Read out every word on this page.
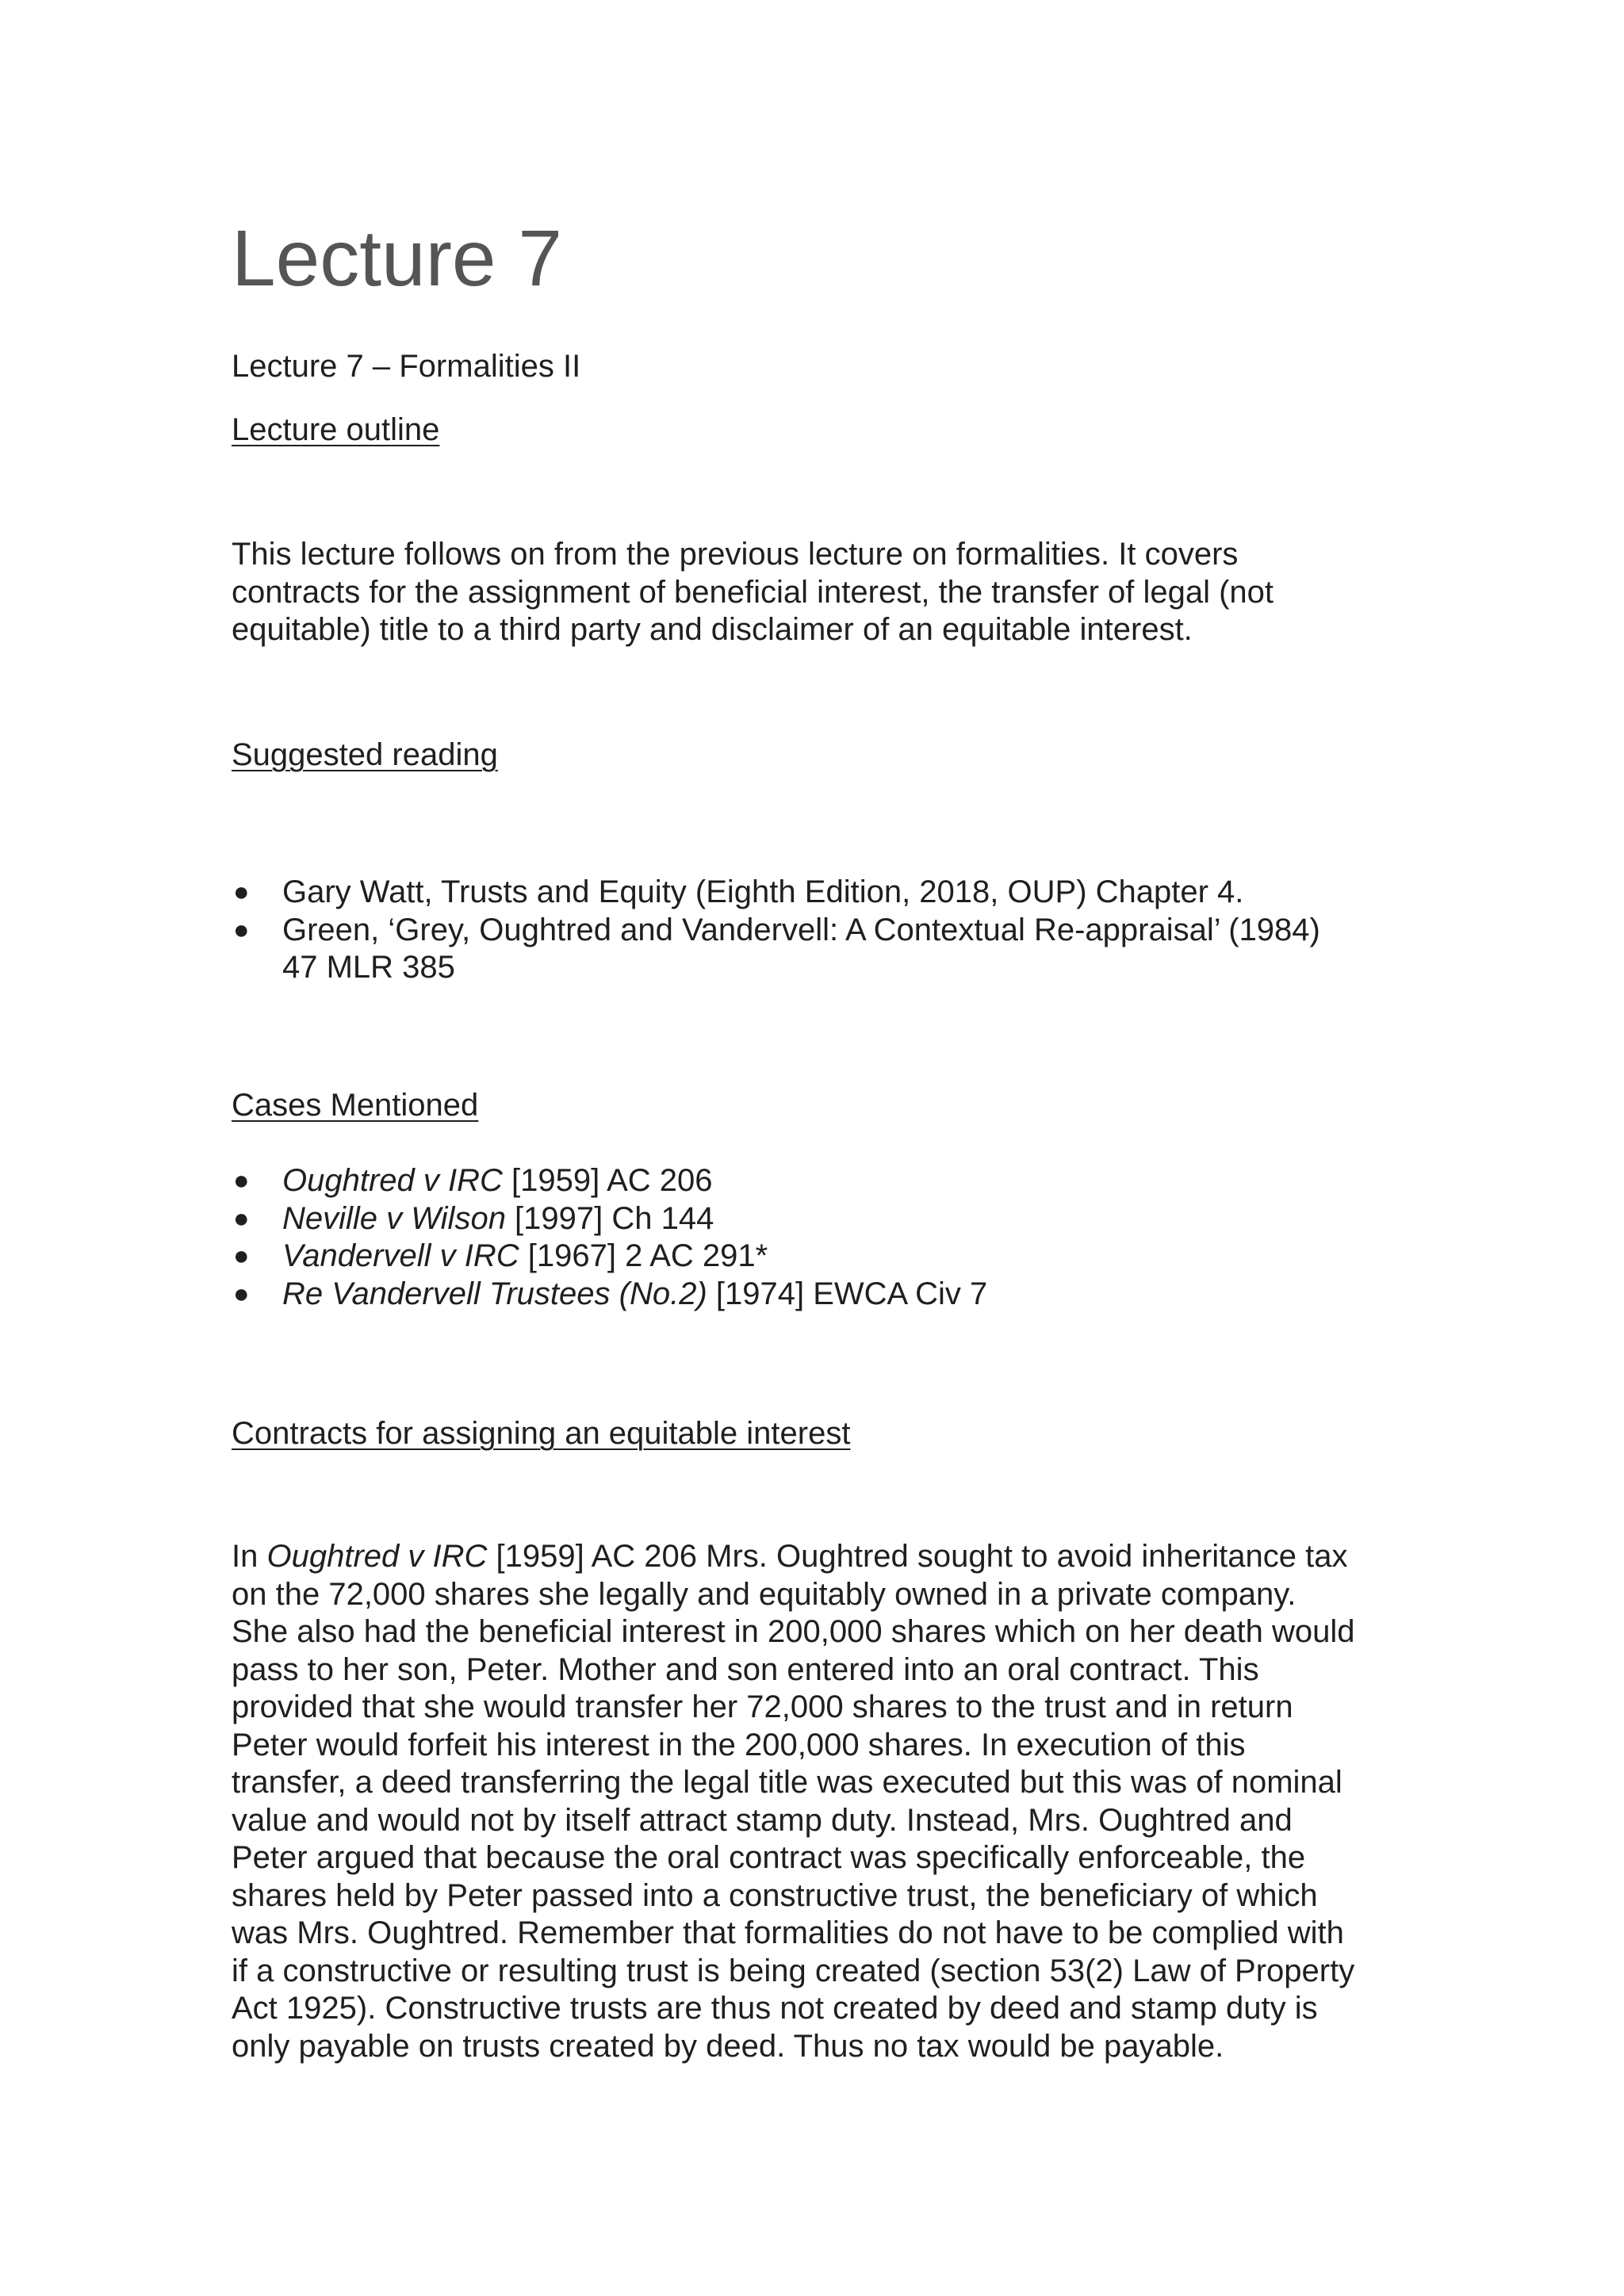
Lecture 7
Lecture 7 – Formalities II
Lecture outline
This lecture follows on from the previous lecture on formalities. It covers
contracts for the assignment of beneficial interest, the transfer of legal (not
equitable) title to a third party and disclaimer of an equitable interest.
Suggested reading
● Gary Watt, Trusts and Equity (Eighth Edition, 2018, OUP) Chapter 4.
● Green, ‘Grey, Oughtred and Vandervell: A Contextual Re-appraisal’ (1984)
47 MLR 385
Cases Mentioned
● Oughtred v IRC [1959] AC 206
● Neville v Wilson [1997] Ch 144
● Vandervell v IRC [1967] 2 AC 291*
● Re Vandervell Trustees (No.2) [1974] EWCA Civ 7
Contracts for assigning an equitable interest
In Oughtred v IRC [1959] AC 206 Mrs. Oughtred sought to avoid inheritance tax
on the 72,000 shares she legally and equitably owned in a private company.
She also had the beneficial interest in 200,000 shares which on her death would
pass to her son, Peter. Mother and son entered into an oral contract. This
provided that she would transfer her 72,000 shares to the trust and in return
Peter would forfeit his interest in the 200,000 shares. In execution of this
transfer, a deed transferring the legal title was executed but this was of nominal
value and would not by itself attract stamp duty. Instead, Mrs. Oughtred and
Peter argued that because the oral contract was specifically enforceable, the
shares held by Peter passed into a constructive trust, the beneficiary of which
was Mrs. Oughtred. Remember that formalities do not have to be complied with
if a constructive or resulting trust is being created (section 53(2) Law of Property
Act 1925). Constructive trusts are thus not created by deed and stamp duty is
only payable on trusts created by deed. Thus no tax would be payable.
